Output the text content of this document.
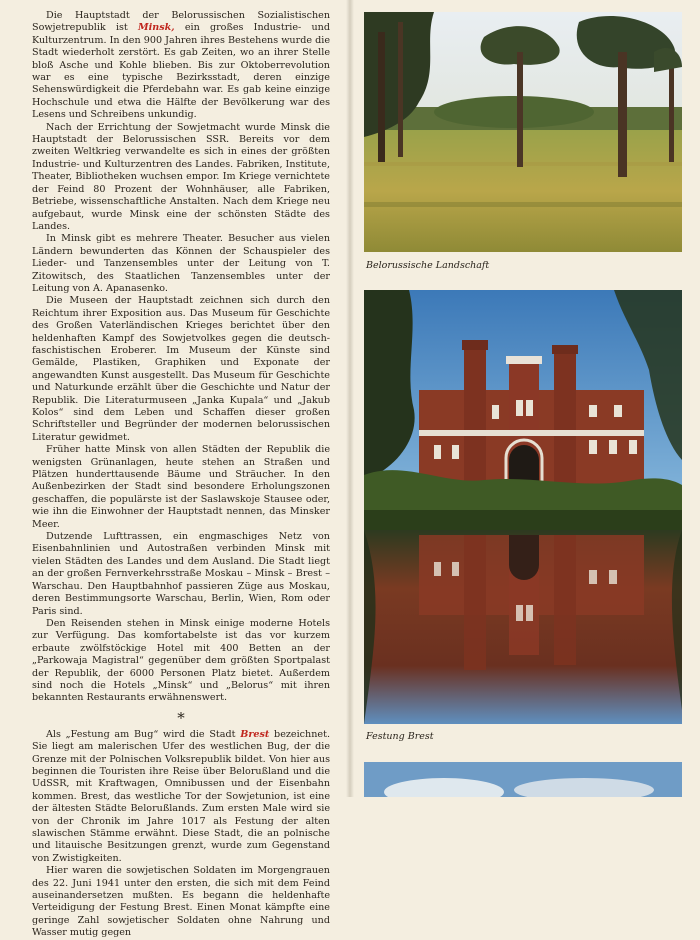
Die Hauptstadt der Belorussischen Sozialistischen Sowjetrepublik ist Minsk, ein großes Industrie- und Kulturzentrum. In den 900 Jahren ihres Bestehens wurde die Stadt wiederholt zerstört. Es gab Zeiten, wo an ihrer Stelle bloß Asche und Kohle blieben. Bis zur Oktoberrevolution war es eine typische Bezirksstadt, deren einzige Sehenswürdigkeit die Pferdebahn war. Es gab keine einzige Hochschule und etwa die Hälfte der Bevölkerung war des Lesens und Schreibens unkundig.

Nach der Errichtung der Sowjetmacht wurde Minsk die Hauptstadt der Belorussischen SSR. Bereits vor dem zweiten Weltkrieg verwandelte es sich in eines der größten Industrie- und Kulturzentren des Landes. Fabriken, Institute, Theater, Bibliotheken wuchsen empor. Im Kriege vernichtete der Feind 80 Prozent der Wohnhäuser, alle Fabriken, Betriebe, wissenschaftliche Anstalten. Nach dem Kriege neu aufgebaut, wurde Minsk eine der schönsten Städte des Landes.

In Minsk gibt es mehrere Theater. Besucher aus vielen Ländern bewunderten das Können der Schauspieler des Lieder- und Tanzensembles unter der Leitung von T. Zitowitsch, des Staatlichen Tanzensembles unter der Leitung von A. Apanasenko.

Die Museen der Hauptstadt zeichnen sich durch den Reichtum ihrer Exposition aus. Das Museum für Geschichte des Großen Vaterländischen Krieges berichtet über den heldenhaften Kampf des Sowjetvolkes gegen die deutsch-faschistischen Eroberer. Im Museum der Künste sind Gemälde, Plastiken, Graphiken und Exponate der angewandten Kunst ausgestellt. Das Museum für Geschichte und Naturkunde erzählt über die Geschichte und Natur der Republik. Die Literaturmuseen „Janka Kupala“ und „Jakub Kolos“ sind dem Leben und Schaffen dieser großen Schriftsteller und Begründer der modernen belorussischen Literatur gewidmet.

Früher hatte Minsk von allen Städten der Republik die wenigsten Grünanlagen, heute stehen an Straßen und Plätzen hunderttausende Bäume und Sträucher. In den Außenbezirken der Stadt sind besondere Erholungszonen geschaffen, die populärste ist der Saslawskoje Stausee oder, wie ihn die Einwohner der Hauptstadt nennen, das Minsker Meer.

Dutzende Lufttrassen, ein engmaschiges Netz von Eisenbahnlinien und Autostraßen verbinden Minsk mit vielen Städten des Landes und dem Ausland. Die Stadt liegt an der großen Fernverkehrsstraße Moskau – Minsk – Brest – Warschau. Den Hauptbahnhof passieren Züge aus Moskau, deren Bestimmungsorte Warschau, Berlin, Wien, Rom oder Paris sind.

Den Reisenden stehen in Minsk einige moderne Hotels zur Verfügung. Das komfortabelste ist das vor kurzem erbaute zwölfstöckige Hotel mit 400 Betten an der „Parkowaja Magistral“ gegenüber dem größten Sportpalast der Republik, der 6000 Personen Platz bietet. Außerdem sind noch die Hotels „Minsk“ und „Belorus“ mit ihren bekannten Restaurants erwähnenswert.

*

Als „Festung am Bug“ wird die Stadt Brest bezeichnet. Sie liegt am malerischen Ufer des westlichen Bug, der die Grenze mit der Polnischen Volksrepublik bildet. Von hier aus beginnen die Touristen ihre Reise über Belorußland und die UdSSR, mit Kraftwagen, Omnibussen und der Eisenbahn kommen. Brest, das westliche Tor der Sowjetunion, ist eine der ältesten Städte Belorußlands. Zum ersten Male wird sie von der Chronik im Jahre 1017 als Festung der alten slawischen Stämme erwähnt. Diese Stadt, die an polnische und litauische Besitzungen grenzt, wurde zum Gegenstand von Zwistigkeiten.

Hier waren die sowjetischen Soldaten im Morgengrauen des 22. Juni 1941 unter den ersten, die sich mit dem Feind auseinandersetzen mußten. Es begann die heldenhafte Verteidigung der Festung Brest. Einen Monat kämpfte eine geringe Zahl sowjetischer Soldaten ohne Nahrung und Wasser mutig gegen

Belorussische Landschaft
Festung Brest
